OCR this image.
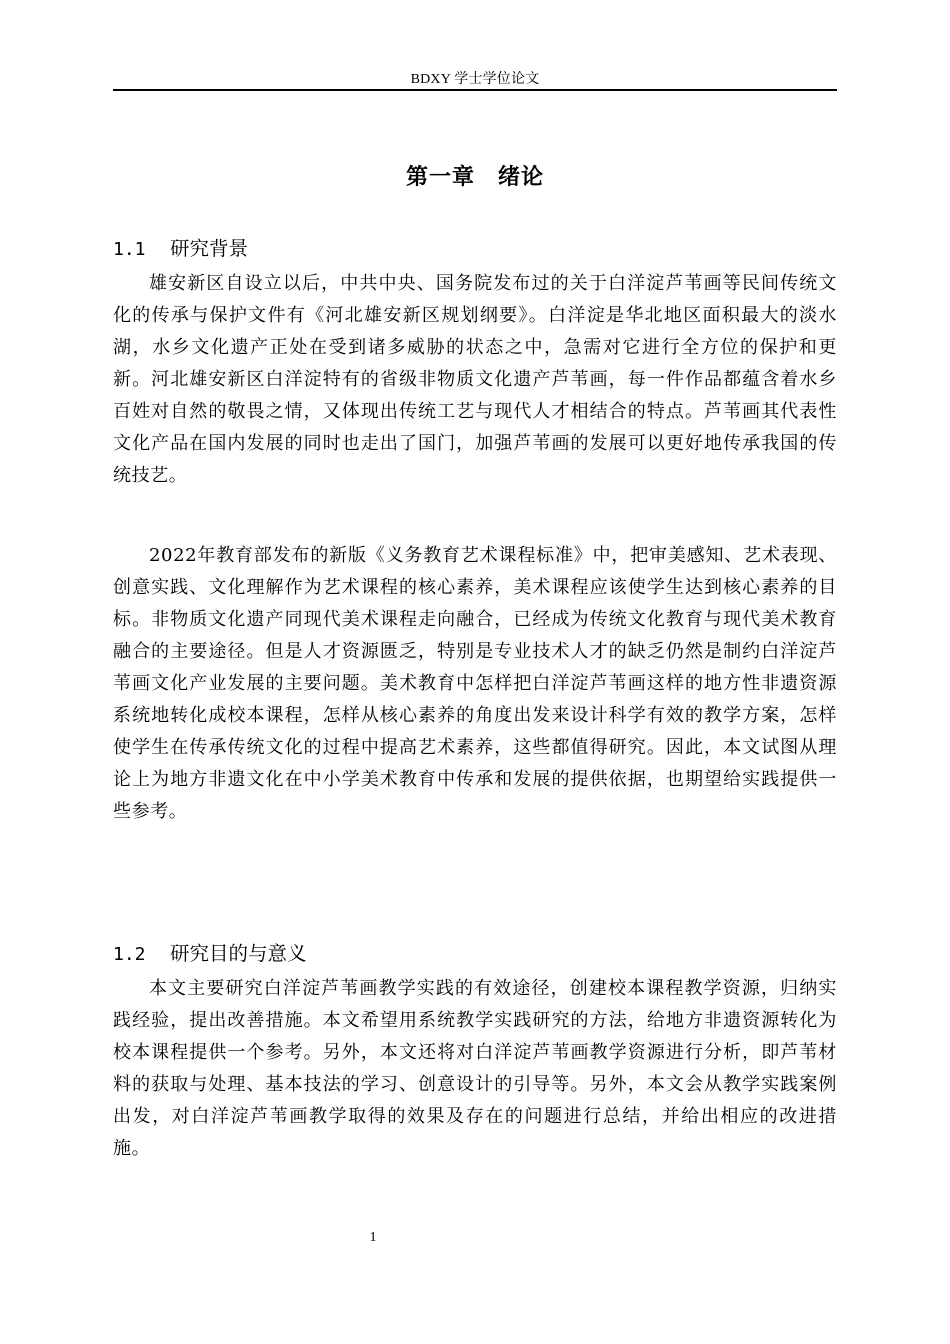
BDXY 学士学位论文
第一章　绪论
1.1 研究背景

雄安新区自设立以后，中共中央、国务院发布过的关于白洋淀芦苇画等民间传统文化的传承与保护文件有《河北雄安新区规划纲要》。白洋淀是华北地区面积最大的淡水湖，水乡文化遗产正处在受到诸多威胁的状态之中，急需对它进行全方位的保护和更新。河北雄安新区白洋淀特有的省级非物质文化遗产芦苇画，每一件作品都蕴含着水乡百姓对自然的敬畏之情，又体现出传统工艺与现代人才相结合的特点。芦苇画其代表性文化产品在国内发展的同时也走出了国门，加强芦苇画的发展可以更好地传承我国的传统技艺。

2022年教育部发布的新版《义务教育艺术课程标准》中，把审美感知、艺术表现、创意实践、文化理解作为艺术课程的核心素养，美术课程应该使学生达到核心素养的目标。非物质文化遗产同现代美术课程走向融合，已经成为传统文化教育与现代美术教育融合的主要途径。但是人才资源匮乏，特别是专业技术人才的缺乏仍然是制约白洋淀芦苇画文化产业发展的主要问题。美术教育中怎样把白洋淀芦苇画这样的地方性非遗资源系统地转化成校本课程，怎样从核心素养的角度出发来设计科学有效的教学方案，怎样使学生在传承传统文化的过程中提高艺术素养，这些都值得研究。因此，本文试图从理论上为地方非遗文化在中小学美术教育中传承和发展的提供依据，也期望给实践提供一些参考。

1.2 研究目的与意义

本文主要研究白洋淀芦苇画教学实践的有效途径，创建校本课程教学资源，归纳实践经验，提出改善措施。本文希望用系统教学实践研究的方法，给地方非遗资源转化为校本课程提供一个参考。另外，本文还将对白洋淀芦苇画教学资源进行分析，即芦苇材料的获取与处理、基本技法的学习、创意设计的引导等。另外，本文会从教学实践案例出发，对白洋淀芦苇画教学取得的效果及存在的问题进行总结，并给出相应的改进措施。

1
